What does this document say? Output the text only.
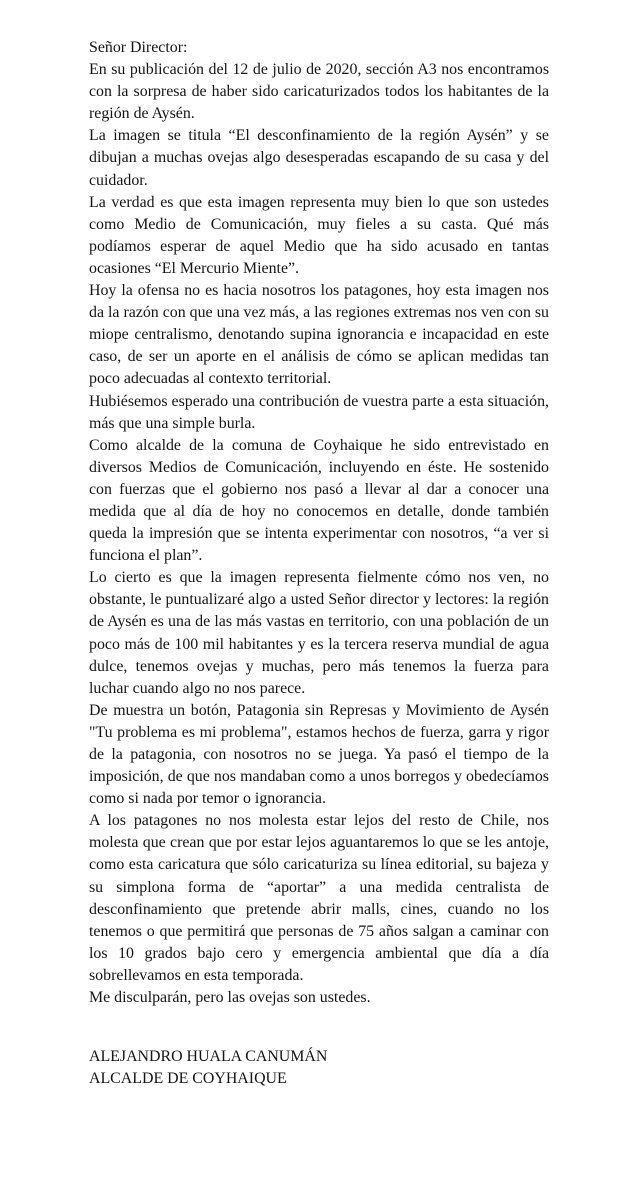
Señor Director:

En su publicación del 12 de julio de 2020, sección A3 nos encontramos con la sorpresa de haber sido caricaturizados todos los habitantes de la región de Aysén.

La imagen se titula “El desconfinamiento de la región Aysén” y se dibujan a muchas ovejas algo desesperadas escapando de su casa y del cuidador.

La verdad es que esta imagen representa muy bien lo que son ustedes como Medio de Comunicación, muy fieles a su casta. Qué más podíamos esperar de aquel Medio que ha sido acusado en tantas ocasiones “El Mercurio Miente”.

Hoy la ofensa no es hacia nosotros los patagones, hoy esta imagen nos da la razón con que una vez más, a las regiones extremas nos ven con su miope centralismo, denotando supina ignorancia e incapacidad en este caso, de ser un aporte en el análisis de cómo se aplican medidas tan poco adecuadas al contexto territorial.

Hubiésemos esperado una contribución de vuestra parte a esta situación, más que una simple burla.

Como alcalde de la comuna de Coyhaique he sido entrevistado en diversos Medios de Comunicación, incluyendo en éste. He sostenido con fuerzas que el gobierno nos pasó a llevar al dar a conocer una medida que al día de hoy no conocemos en detalle, donde también queda la impresión que se intenta experimentar con nosotros, “a ver si funciona el plan”.

Lo cierto es que la imagen representa fielmente cómo nos ven, no obstante, le puntualizaré algo a usted Señor director y lectores: la región de Aysén es una de las más vastas en territorio, con una población de un poco más de 100 mil habitantes y es la tercera reserva mundial de agua dulce, tenemos ovejas y muchas, pero más tenemos la fuerza para luchar cuando algo no nos parece.

De muestra un botón, Patagonia sin Represas y Movimiento de Aysén "Tu problema es mi problema", estamos hechos de fuerza, garra y rigor de la patagonia, con nosotros no se juega. Ya pasó el tiempo de la imposición, de que nos mandaban como a unos borregos y obedecíamos como si nada por temor o ignorancia.

A los patagones no nos molesta estar lejos del resto de Chile, nos molesta que crean que por estar lejos aguantaremos lo que se les antoje, como esta caricatura que sólo caricaturiza su línea editorial, su bajeza y su simplona forma de “aportar” a una medida centralista de desconfinamiento que pretende abrir malls, cines, cuando no los tenemos o que permitirá que personas de 75 años salgan a caminar con los 10 grados bajo cero y emergencia ambiental que día a día sobrellevamos en esta temporada.

Me disculparán, pero las ovejas son ustedes.

ALEJANDRO HUALA CANUMÁN
ALCALDE DE COYHAIQUE
